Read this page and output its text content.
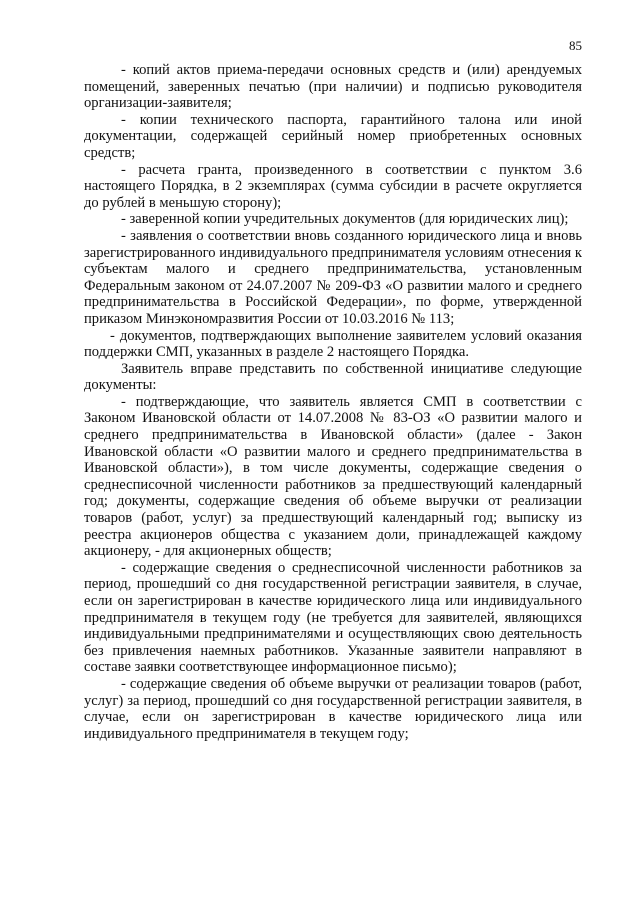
85

- копий актов приема-передачи основных средств и (или) арендуемых помещений, заверенных печатью (при наличии) и подписью руководителя организации-заявителя;

- копии технического паспорта, гарантийного талона или иной документации, содержащей серийный номер приобретенных основных средств;

- расчета гранта, произведенного в соответствии с пунктом 3.6 настоящего Порядка, в 2 экземплярах (сумма субсидии в расчете округляется до рублей в меньшую сторону);

- заверенной копии учредительных документов (для юридических лиц);

- заявления о соответствии вновь созданного юридического лица и вновь зарегистрированного индивидуального предпринимателя условиям отнесения к субъектам малого и среднего предпринимательства, установленным Федеральным законом от 24.07.2007 № 209-ФЗ «О развитии малого и среднего предпринимательства в Российской Федерации», по форме, утвержденной приказом Минэкономразвития России от 10.03.2016 № 113;

- документов, подтверждающих выполнение заявителем условий оказания поддержки СМП, указанных в разделе 2 настоящего Порядка.

Заявитель вправе представить по собственной инициативе следующие документы:

- подтверждающие, что заявитель является СМП в соответствии с Законом Ивановской области от 14.07.2008 № 83-ОЗ «О развитии малого и среднего предпринимательства в Ивановской области» (далее - Закон Ивановской области «О развитии малого и среднего предпринимательства в Ивановской области»), в том числе документы, содержащие сведения о среднесписочной численности работников за предшествующий календарный год; документы, содержащие сведения об объеме выручки от реализации товаров (работ, услуг) за предшествующий календарный год; выписку из реестра акционеров общества с указанием доли, принадлежащей каждому акционеру, - для акционерных обществ;

- содержащие сведения о среднесписочной численности работников за период, прошедший со дня государственной регистрации заявителя, в случае, если он зарегистрирован в качестве юридического лица или индивидуального предпринимателя в текущем году (не требуется для заявителей, являющихся индивидуальными предпринимателями и осуществляющих свою деятельность без привлечения наемных работников. Указанные заявители направляют в составе заявки соответствующее информационное письмо);

- содержащие сведения об объеме выручки от реализации товаров (работ, услуг) за период, прошедший со дня государственной регистрации заявителя, в случае, если он зарегистрирован в качестве юридического лица или индивидуального предпринимателя в текущем году;
